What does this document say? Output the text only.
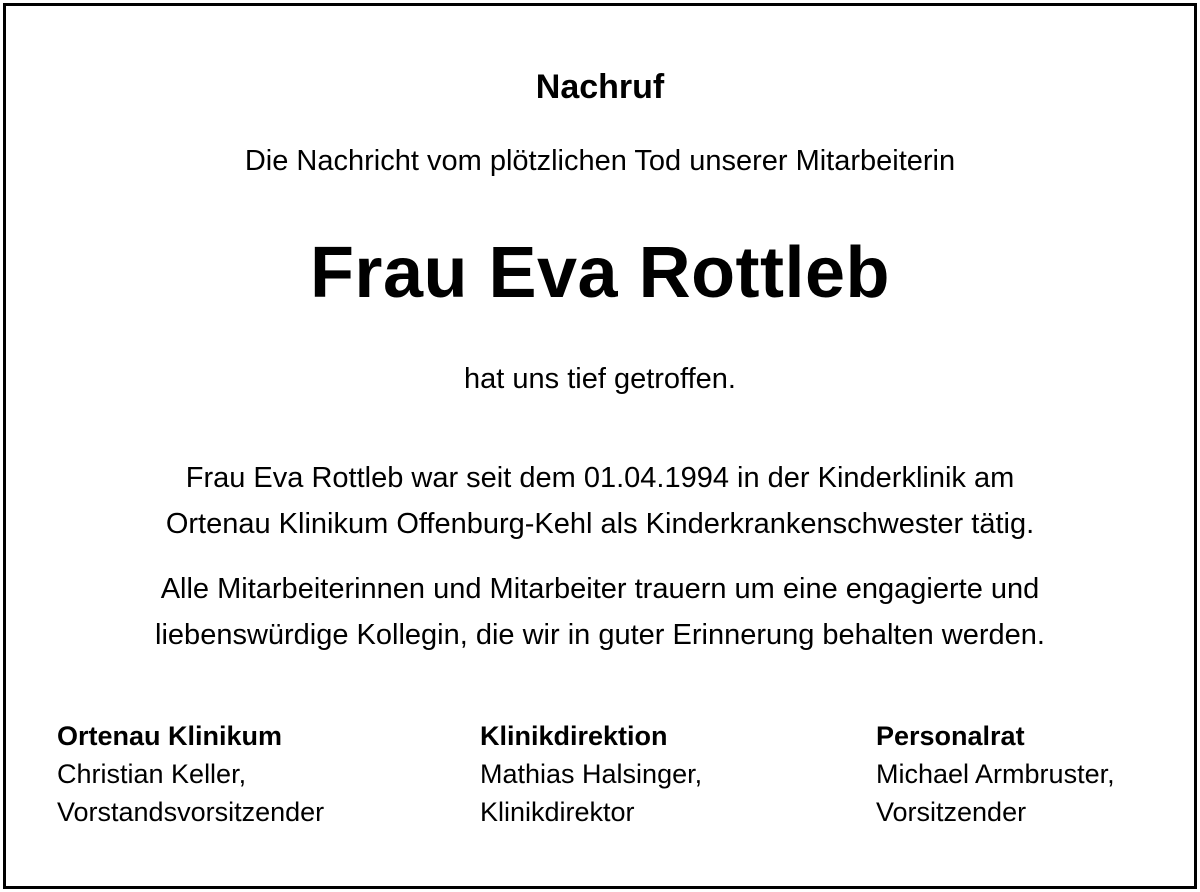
Nachruf
Die Nachricht vom plötzlichen Tod unserer Mitarbeiterin
Frau Eva Rottleb
hat uns tief getroffen.
Frau Eva Rottleb war seit dem 01.04.1994 in der Kinderklinik am
Ortenau Klinikum Offenburg-Kehl als Kinderkrankenschwester tätig.
Alle Mitarbeiterinnen und Mitarbeiter trauern um eine engagierte und
liebenswürdige Kollegin, die wir in guter Erinnerung behalten werden.
Ortenau Klinikum
Christian Keller,
Vorstandsvorsitzender
Klinikdirektion
Mathias Halsinger,
Klinikdirektor
Personalrat
Michael Armbruster,
Vorsitzender
